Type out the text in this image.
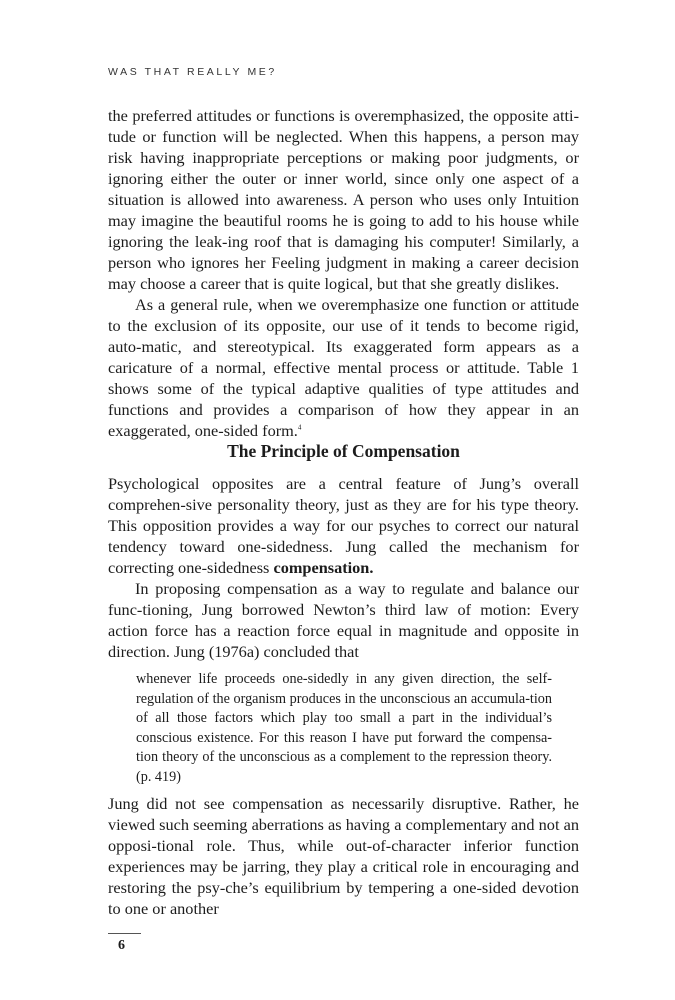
WAS THAT REALLY ME?

the preferred attitudes or functions is overemphasized, the opposite atti-tude or function will be neglected. When this happens, a person may risk having inappropriate perceptions or making poor judgments, or ignoring either the outer or inner world, since only one aspect of a situation is allowed into awareness. A person who uses only Intuition may imagine the beautiful rooms he is going to add to his house while ignoring the leak-ing roof that is damaging his computer! Similarly, a person who ignores her Feeling judgment in making a career decision may choose a career that is quite logical, but that she greatly dislikes.

As a general rule, when we overemphasize one function or attitude to the exclusion of its opposite, our use of it tends to become rigid, auto-matic, and stereotypical. Its exaggerated form appears as a caricature of a normal, effective mental process or attitude. Table 1 shows some of the typical adaptive qualities of type attitudes and functions and provides a comparison of how they appear in an exaggerated, one-sided form.$^4$

The Principle of Compensation

Psychological opposites are a central feature of Jung’s overall comprehen-sive personality theory, just as they are for his type theory. This opposition provides a way for our psyches to correct our natural tendency toward one-sidedness. Jung called the mechanism for correcting one-sidedness compensation.

In proposing compensation as a way to regulate and balance our func-tioning, Jung borrowed Newton’s third law of motion: Every action force has a reaction force equal in magnitude and opposite in direction. Jung (1976a) concluded that

whenever life proceeds one-sidedly in any given direction, the self-regulation of the organism produces in the unconscious an accumula-tion of all those factors which play too small a part in the individual’s conscious existence. For this reason I have put forward the compensa-tion theory of the unconscious as a complement to the repression theory. (p. 419)

Jung did not see compensation as necessarily disruptive. Rather, he viewed such seeming aberrations as having a complementary and not an opposi-tional role. Thus, while out-of-character inferior function experiences may be jarring, they play a critical role in encouraging and restoring the psy-che’s equilibrium by tempering a one-sided devotion to one or another

6
